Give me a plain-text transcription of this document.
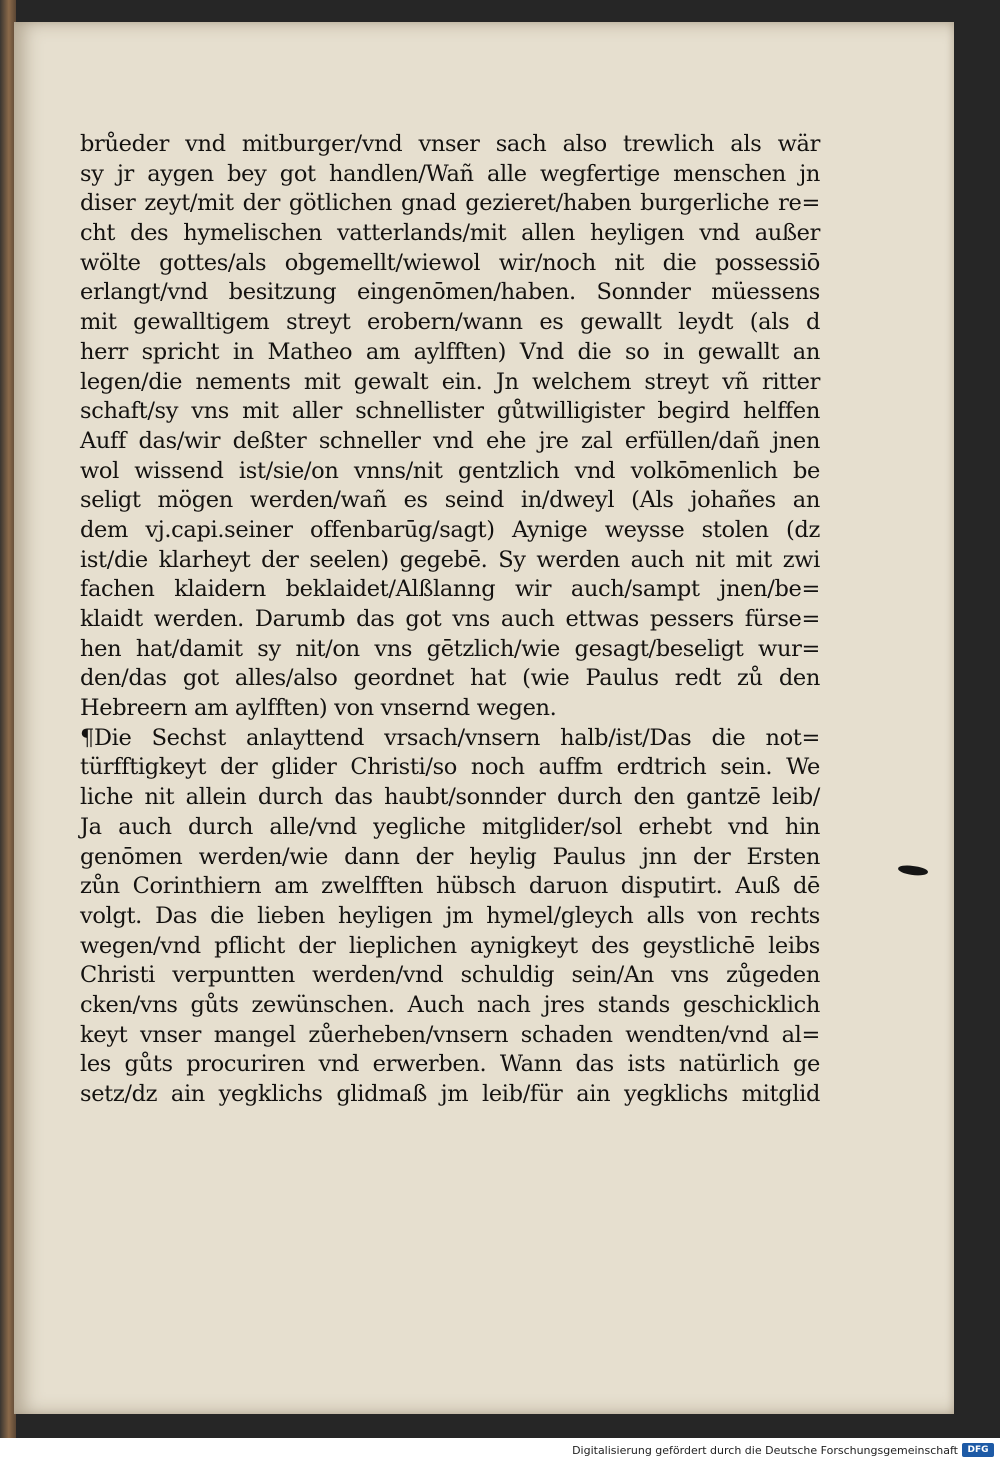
brůeder vnd mitburger/vnd vnser sach also trewlich als wär
sy jr aygen bey got handlen/Wañ alle wegfertige menschen jn
diser zeyt/mit der götlichen gnad gezieret/haben burgerliche re=
cht des hymelischen vatterlands/mit allen heyligen vnd außer
wölte gottes/als obgemellt/wiewol wir/noch nit die possessiō
erlangt/vnd besitzung eingenōmen/haben. Sonnder müessens
mit gewalltigem streyt erobern/wann es gewallt leydt (als d
herr spricht in Matheo am aylfften) Vnd die so in gewallt an
legen/die nements mit gewalt ein. Jn welchem streyt vñ ritter
schaft/sy vns mit aller schnellister gůtwilligister begird helffen
Auff das/wir deßter schneller vnd ehe jre zal erfüllen/dañ jnen
wol wissend ist/sie/on vnns/nit gentzlich vnd volkōmenlich be
seligt mögen werden/wañ es seind in/dweyl (Als johañes an
dem vj.capi.seiner offenbarūg/sagt) Aynige weysse stolen (dz
ist/die klarheyt der seelen) gegebē. Sy werden auch nit mit zwi
fachen klaidern beklaidet/Alßlanng wir auch/sampt jnen/be=
klaidt werden. Darumb das got vns auch ettwas pessers fürse=
hen hat/damit sy nit/on vns gētzlich/wie gesagt/beseligt wur=
den/das got alles/also geordnet hat (wie Paulus redt zů den
Hebreern am aylfften) von vnsernd wegen.
¶Die Sechst anlayttend vrsach/vnsern halb/ist/Das die not=
türfftigkeyt der glider Christi/so noch auffm erdtrich sein. We
liche nit allein durch das haubt/sonnder durch den gantzē leib/
Ja auch durch alle/vnd yegliche mitglider/sol erhebt vnd hin
genōmen werden/wie dann der heylig Paulus jnn der Ersten
zůn Corinthiern am zwelfften hübsch daruon disputirt. Auß dē
volgt. Das die lieben heyligen jm hymel/gleych alls von rechts
wegen/vnd pflicht der lieplichen aynigkeyt des geystlichē leibs
Christi verpuntten werden/vnd schuldig sein/An vns zůgeden
cken/vns gůts zewünschen. Auch nach jres stands geschicklich
keyt vnser mangel zůerheben/vnsern schaden wendten/vnd al=
les gůts procuriren vnd erwerben. Wann das ists natürlich ge
setz/dz ain yegklichs glidmaß jm leib/für ain yegklichs mitglid
Digitalisierung gefördert durch die Deutsche Forschungsgemeinschaft	DFG
